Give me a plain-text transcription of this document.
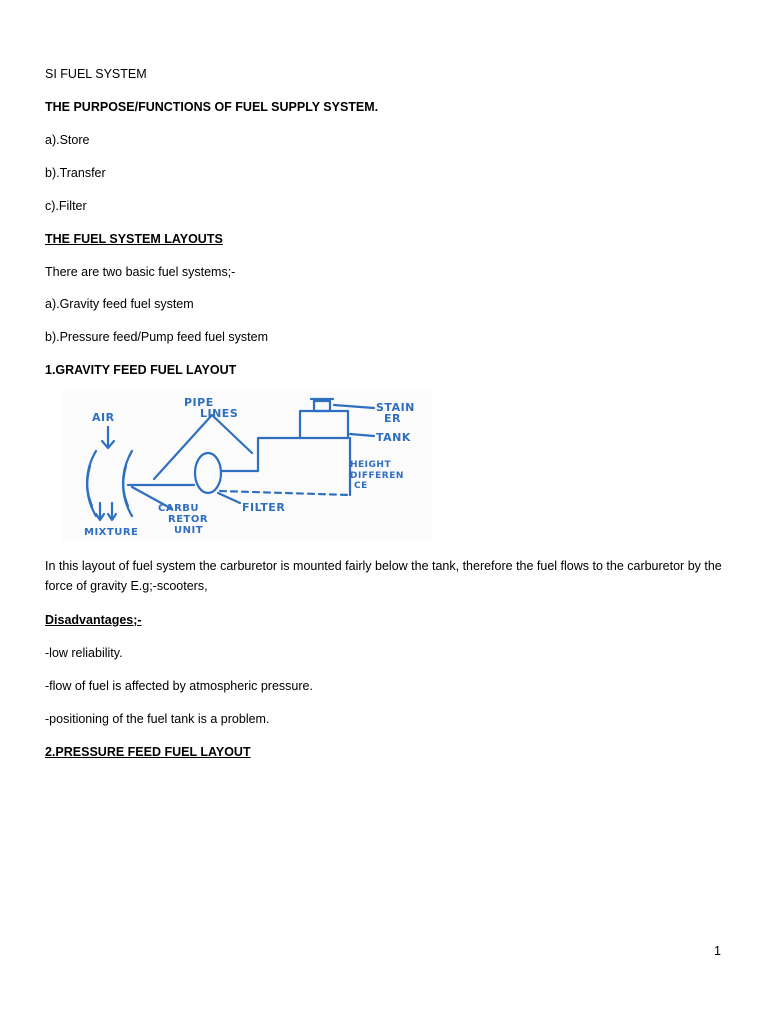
SI FUEL SYSTEM
THE PURPOSE/FUNCTIONS OF FUEL SUPPLY SYSTEM.
a).Store
b).Transfer
c).Filter
THE FUEL SYSTEM LAYOUTS
There are two basic fuel systems;-
a).Gravity feed fuel system
b).Pressure feed/Pump feed fuel system
1.GRAVITY FEED FUEL LAYOUT
AIR
PIPE
LINES	STAIN
ER
TANK
HEIGHT
DIFFEREN
CE
CARBU
RETOR
UNIT
FILTER
MIXTURE
In this layout of fuel system the carburetor is mounted fairly below the tank, therefore the fuel flows to the carburetor by the force of gravity E.g;-scooters,
Disadvantages;-
-low reliability.
-flow of fuel is affected by atmospheric pressure.
-positioning of the fuel tank is a problem.
2.PRESSURE FEED FUEL LAYOUT
1
